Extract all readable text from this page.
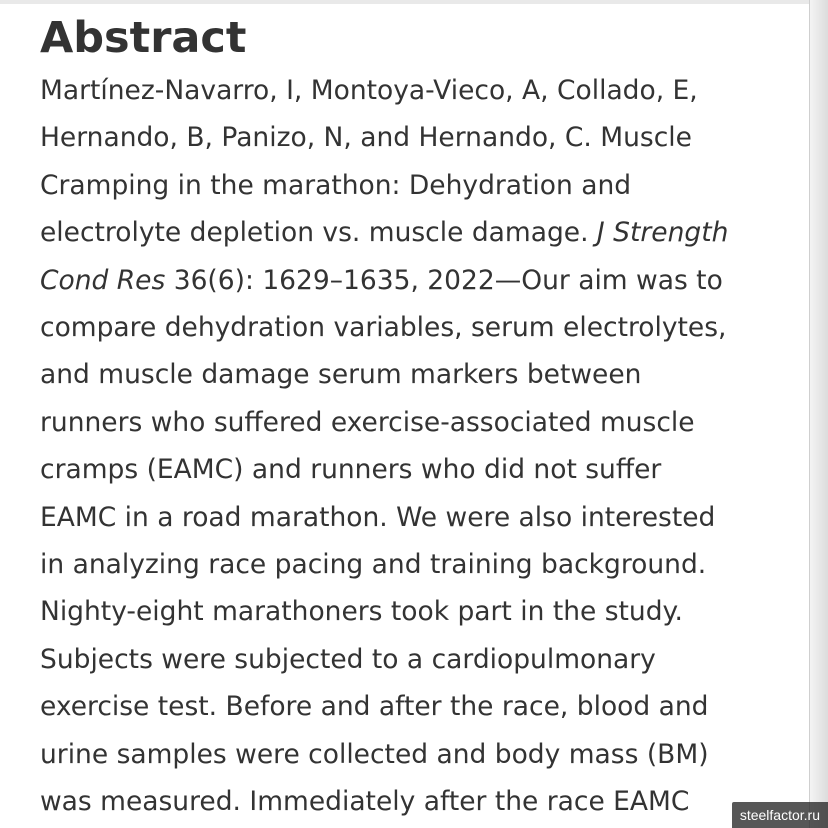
Abstract
Martínez-Navarro, I, Montoya-Vieco, A, Collado, E,
Hernando, B, Panizo, N, and Hernando, C. Muscle
Cramping in the marathon: Dehydration and
electrolyte depletion vs. muscle damage. J Strength
Cond Res 36(6): 1629–1635, 2022—Our aim was to
compare dehydration variables, serum electrolytes,
and muscle damage serum markers between
runners who suffered exercise-associated muscle
cramps (EAMC) and runners who did not suffer
EAMC in a road marathon. We were also interested
in analyzing race pacing and training background.
Nighty-eight marathoners took part in the study.
Subjects were subjected to a cardiopulmonary
exercise test. Before and after the race, blood and
urine samples were collected and body mass (BM)
was measured. Immediately after the race EAMC	steelfactor.ru
